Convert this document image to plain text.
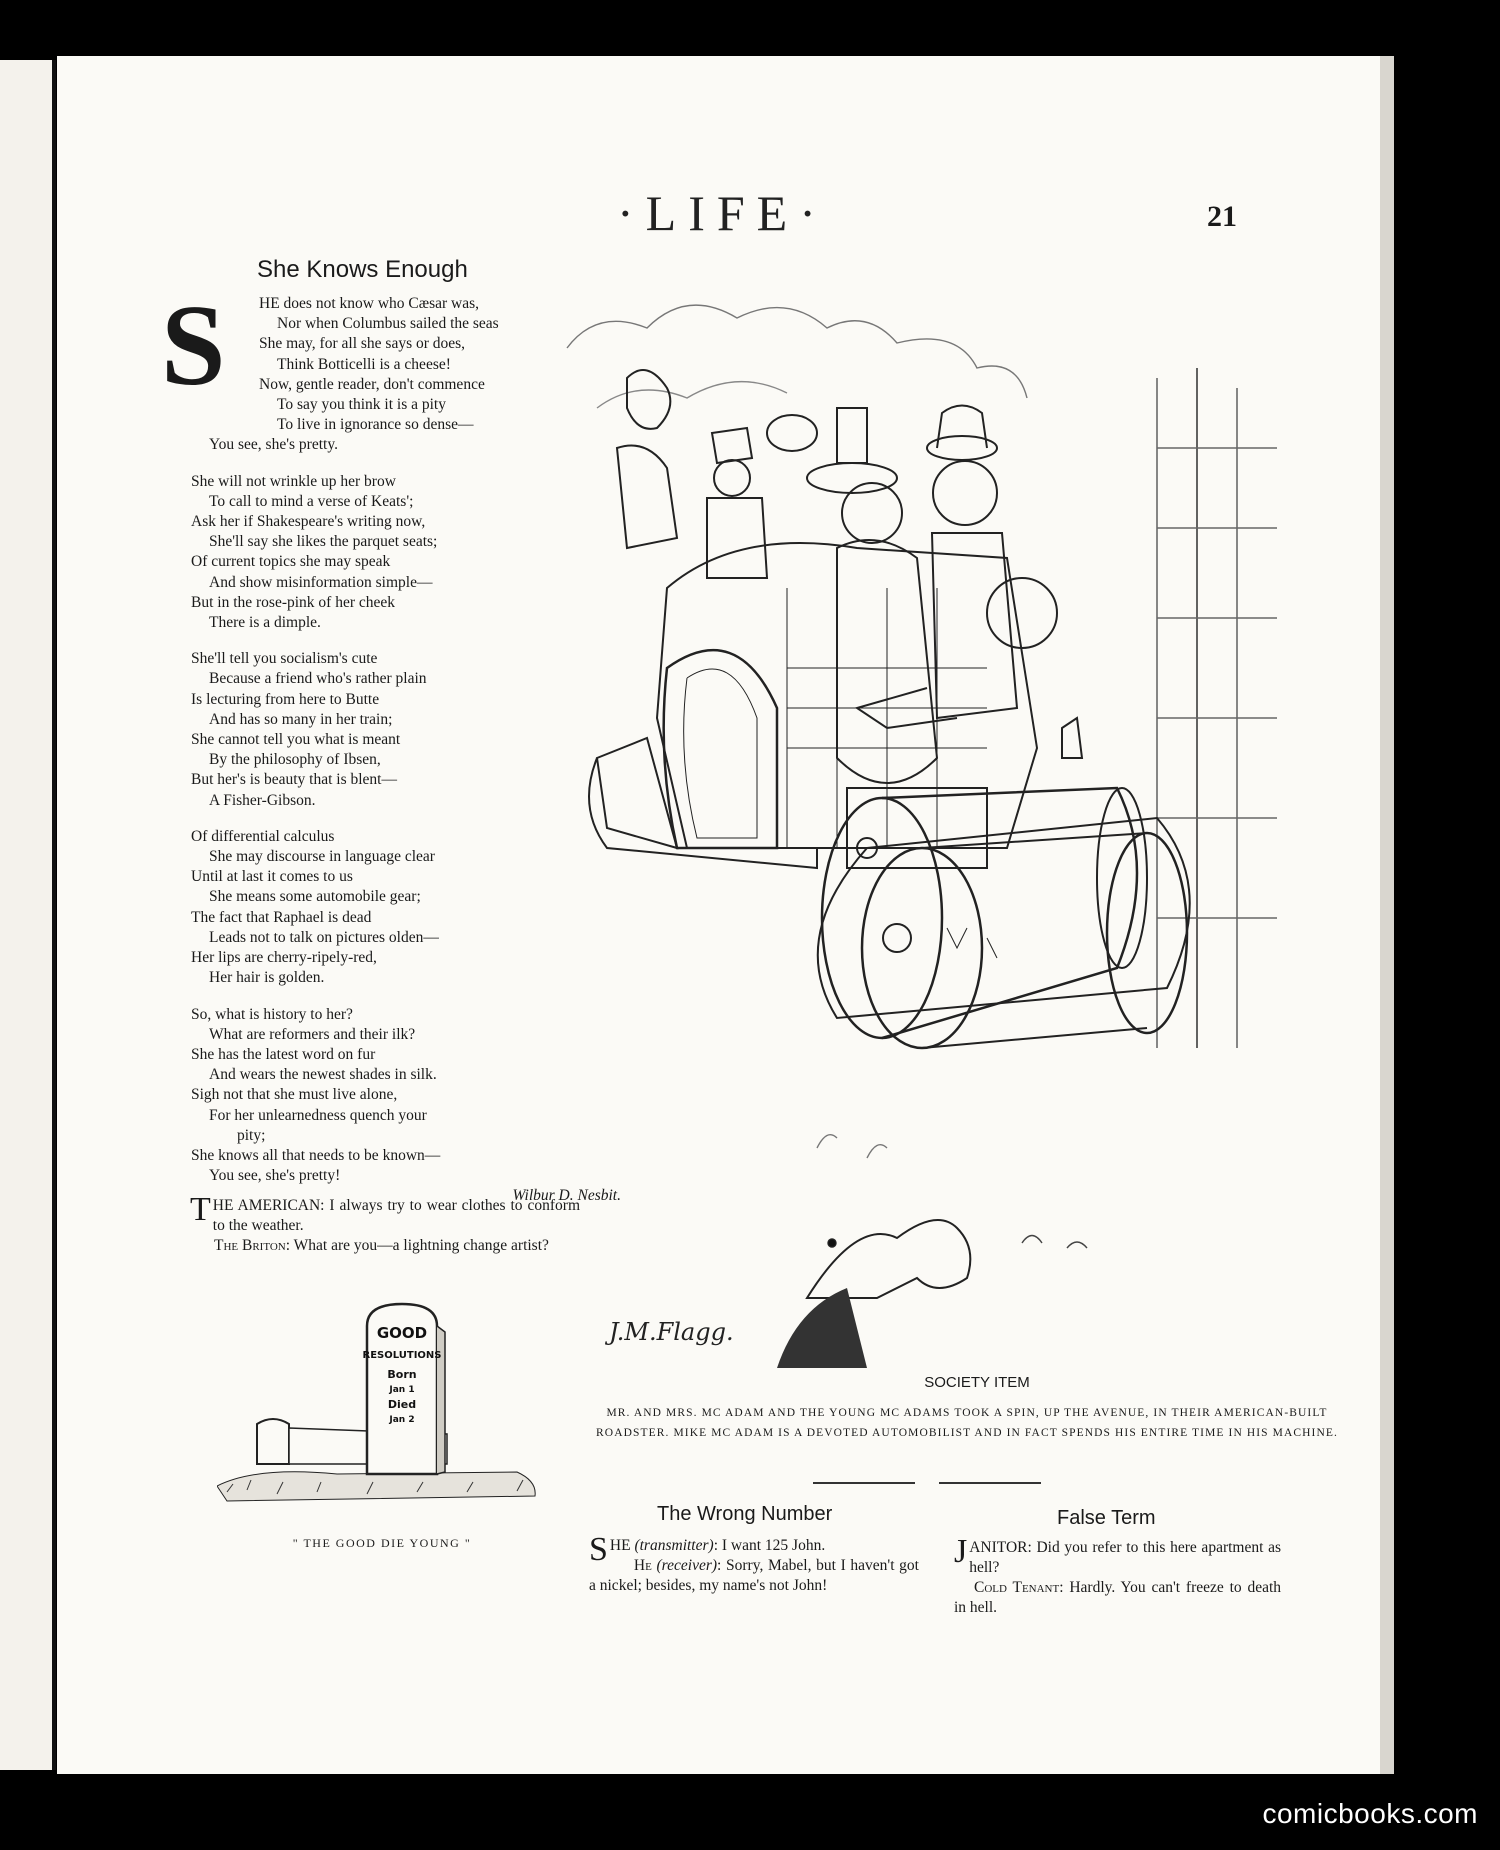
·LIFE·	21
She Knows Enough
S	HE does not know who Cæsar was,
Nor when Columbus sailed the seas
She may, for all she says or does,
Think Botticelli is a cheese!
Now, gentle reader, don't commence
To say you think it is a pity
To live in ignorance so dense—
You see, she's pretty.
She will not wrinkle up her brow
To call to mind a verse of Keats';
Ask her if Shakespeare's writing now,
She'll say she likes the parquet seats;
Of current topics she may speak
And show misinformation simple—
But in the rose-pink of her cheek
There is a dimple.
She'll tell you socialism's cute
Because a friend who's rather plain
Is lecturing from here to Butte
And has so many in her train;
She cannot tell you what is meant
By the philosophy of Ibsen,
But her's is beauty that is blent—
A Fisher-Gibson.
Of differential calculus
She may discourse in language clear
Until at last it comes to us
She means some automobile gear;
The fact that Raphael is dead
Leads not to talk on pictures olden—
Her lips are cherry-ripely-red,
Her hair is golden.
So, what is history to her?
What are reformers and their ilk?
She has the latest word on fur
And wears the newest shades in silk.
Sigh not that she must live alone,
For her unlearnedness quench your
pity;
She knows all that needs to be known—
You see, she's pretty!
Wilbur D. Nesbit.
THE AMERICAN: I always try to wear clothes to conform to the weather.
The Briton: What are you—a lightning change artist?
GOOD
RESOLUTIONS
Born
Jan 1
Died
Jan 2
" THE GOOD DIE YOUNG "
J.M.Flagg.
SOCIETY ITEM
MR. AND MRS. MC ADAM AND THE YOUNG MC ADAMS TOOK A SPIN, UP THE AVENUE, IN THEIR AMERICAN-BUILT ROADSTER. MIKE MC ADAM IS A DEVOTED AUTOMOBILIST AND IN FACT SPENDS HIS ENTIRE TIME IN HIS MACHINE.
The Wrong Number
SHE (transmitter): I want 125 John.
He (receiver): Sorry, Mabel, but I haven't got a nickel; besides, my name's not John!
False Term
JANITOR: Did you refer to this here apartment as hell?
Cold Tenant: Hardly. You can't freeze to death in hell.
comicbooks.com
